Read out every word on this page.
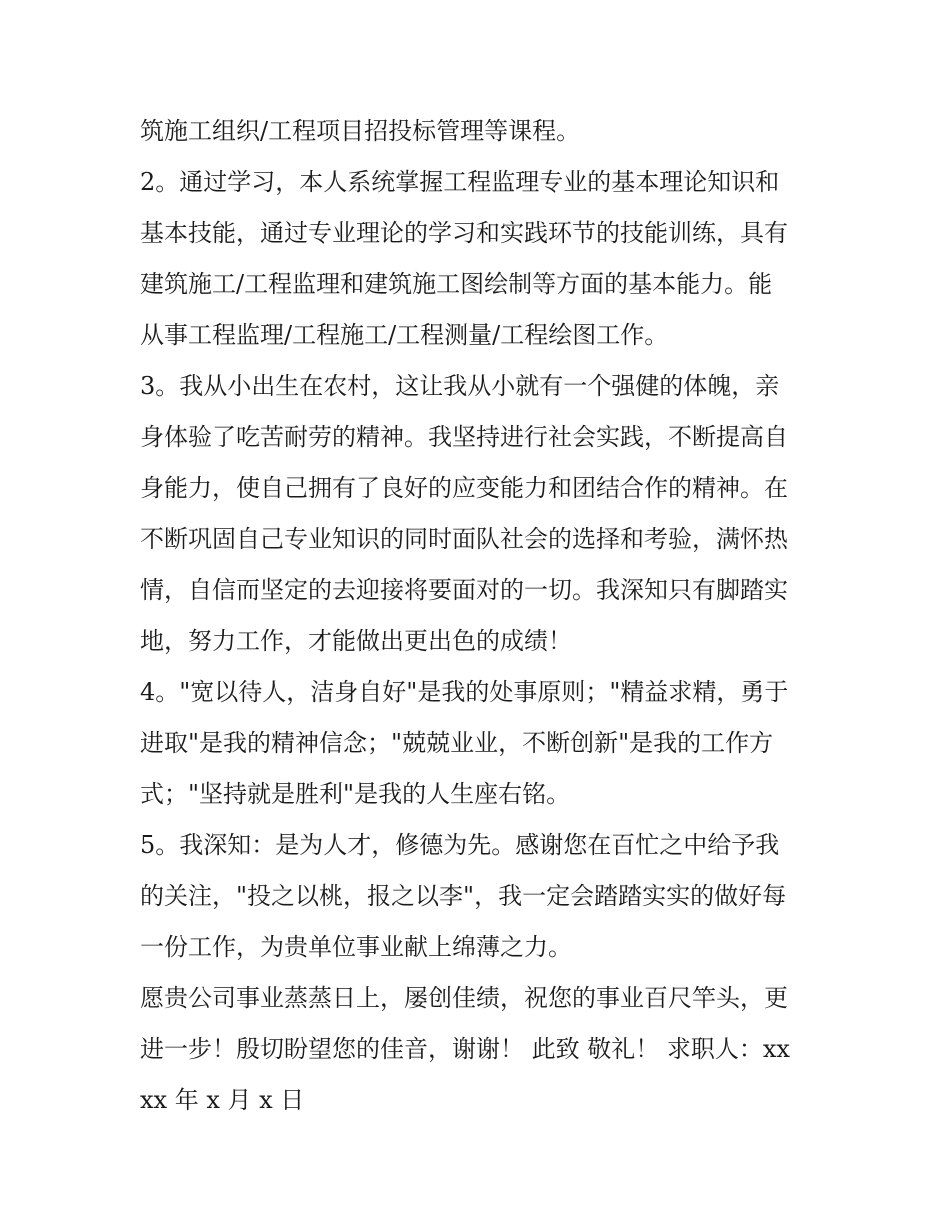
筑施工组织/工程项目招投标管理等课程。
2。通过学习，本人系统掌握工程监理专业的基本理论知识和
基本技能，通过专业理论的学习和实践环节的技能训练，具有
建筑施工/工程监理和建筑施工图绘制等方面的基本能力。能
从事工程监理/工程施工/工程测量/工程绘图工作。
3。我从小出生在农村，这让我从小就有一个强健的体魄，亲
身体验了吃苦耐劳的精神。我坚持进行社会实践，不断提高自
身能力，使自己拥有了良好的应变能力和团结合作的精神。在
不断巩固自己专业知识的同时面队社会的选择和考验，满怀热
情，自信而坚定的去迎接将要面对的一切。我深知只有脚踏实
地，努力工作，才能做出更出色的成绩！
4。"宽以待人，洁身自好"是我的处事原则；"精益求精，勇于
进取"是我的精神信念；"兢兢业业，不断创新"是我的工作方
式；"坚持就是胜利"是我的人生座右铭。
5。我深知：是为人才，修德为先。感谢您在百忙之中给予我
的关注，"投之以桃，报之以李"，我一定会踏踏实实的做好每
一份工作，为贵单位事业献上绵薄之力。
愿贵公司事业蒸蒸日上，屡创佳绩，祝您的事业百尺竿头，更
进一步！殷切盼望您的佳音，谢谢！ 此致 敬礼！ 求职人：xx
xx 年 x 月 x 日
